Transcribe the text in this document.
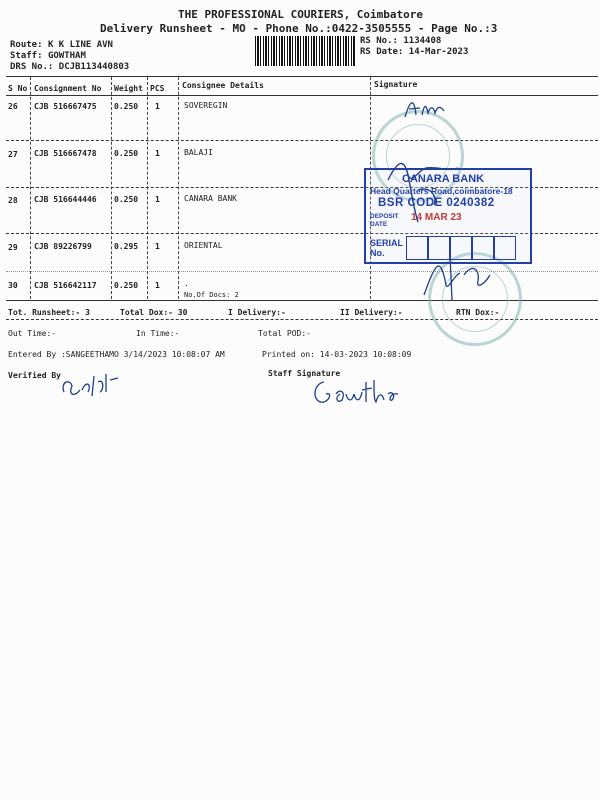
THE PROFESSIONAL COURIERS, Coimbatore
Delivery Runsheet - MO - Phone No.:0422-3505555 - Page No.:3
Route: K K LINE AVN
Staff: GOWTHAM
DRS No.: DCJB113440803
RS No.: 1134408
RS Date: 14-Mar-2023
S No Consignment No Weight PCS Consignee Details	Signature
26 CJB 516667475 0.250 1	SOVEREGIN
27 CJB 516667478 0.250 1	BALAJI
28 CJB 516644446 0.250 1	CANARA BANK
29 CJB 89226799	0.295 1	ORIENTAL
30 CJB 516642117 0.250 1	.
No.Of Docs: 2
Tot. Runsheet:- 3	Total Dox:- 30	I Delivery:-	II Delivery:-	RTN Dox:-
Out Time:-	In Time:-	Total POD:-
Entered By :SANGEETHAMO 3/14/2023 10:08:07 AM	Printed on: 14-03-2023 10:08:09
Verified By	Staff Signature
CANARA BANK
Head Quarters Road,coimbatore-18
BSR CODE 0240382
DEPOSIT DATE
14 MAR 23
SERIAL No.
